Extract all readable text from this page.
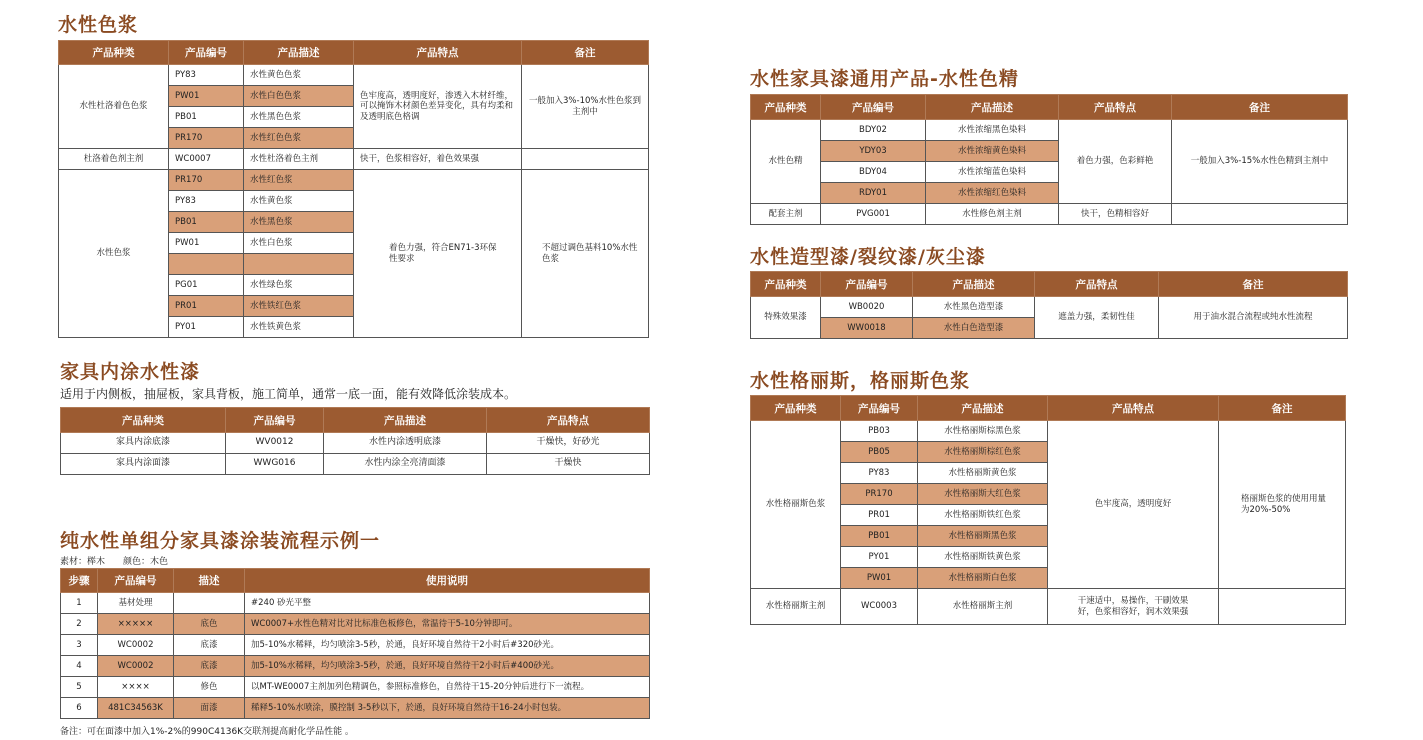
水性色浆
产品种类	产品编号	产品描述	产品特点	备注
水性杜洛着色色浆	PY83	水性黄色色浆	色牢度高，透明度好，渗透入木材纤维，可以掩饰木材颜色差异变化，具有均柔和及透明底色格调	一般加入3%-10%水性色浆到主剂中
	PW01	水性白色色浆		
	PB01	水性黑色色浆		
	PR170	水性红色色浆		
杜洛着色剂主剂	WC0007	水性杜洛着色主剂	快干，色浆相容好，着色效果强	
水性色浆	PR170	水性红色浆	着色力强，符合EN71-3环保性要求	不超过调色基料10%水性色浆
	PY83	水性黄色浆		
	PB01	水性黑色浆		
	PW01	水性白色浆		

	PG01	水性绿色浆		
	PR01	水性铁红色浆		
	PY01	水性铁黄色浆		
家具内涂水性漆
适用于内侧板，抽屉板，家具背板，施工简单，通常一底一面，能有效降低涂装成本。
产品种类	产品编号	产品描述	产品特点
家具内涂底漆	WV0012	水性内涂透明底漆	干燥快，好砂光
家具内涂面漆	WWG016	水性内涂全亮清面漆	干燥快
纯水性单组分家具漆涂装流程示例一
素材：榉木　　颜色：木色
步骤	产品编号	描述	使用说明
1	基材处理		#240 砂光平整
2	×××××	底色	WC0007+水性色精对比对比标准色板修色，常温待干5-10分钟即可。
3	WC0002	底漆	加5-10%水稀释，均匀喷涂3-5秒，於通，良好环境自然待干2小时后#320砂光。
4	WC0002	底漆	加5-10%水稀释，均匀喷涂3-5秒，於通，良好环境自然待干2小时后#400砂光。
5	××××	修色	以MT-WE0007主剂加列色精调色，参照标准修色，自然待干15-20分钟后进行下一流程。
6	481C34563K	面漆	稀释5-10%水喷涂，膜控制 3-5秒以下，於通，良好环境自然待干16-24小时包装。
备注：可在面漆中加入1%-2%的990C4136K交联剂提高耐化学品性能 。
水性家具漆通用产品-水性色精
产品种类	产品编号	产品描述	产品特点	备注
水性色精	BDY02	水性浓缩黑色染料	着色力强，色彩鲜艳	一般加入3%-15%水性色精到主剂中
	YDY03	水性浓缩黄色染料		
	BDY04	水性浓缩蓝色染料		
	RDY01	水性浓缩红色染料		
配套主剂	PVG001	水性修色剂主剂	快干，色精相容好	
水性造型漆/裂纹漆/灰尘漆
产品种类	产品编号	产品描述	产品特点	备注
特殊效果漆	WB0020	水性黑色造型漆	遮盖力强，柔韧性佳	用于油水混合流程或纯水性流程
	WW0018	水性白色造型漆		
水性格丽斯，格丽斯色浆
产品种类	产品编号	产品描述	产品特点	备注
水性格丽斯色浆	PB03	水性格丽斯棕黑色浆	色牢度高，透明度好	格丽斯色浆的使用用量为20%-50%
	PB05	水性格丽斯棕红色浆		
	PY83	水性格丽斯黄色浆		
	PR170	水性格丽斯大红色浆		
	PR01	水性格丽斯铁红色浆		
	PB01	水性格丽斯黑色浆		
	PY01	水性格丽斯铁黄色浆		
	PW01	水性格丽斯白色浆		
水性格丽斯主剂	WC0003	水性格丽斯主剂	干速适中，易操作，干刷效果好，色浆相容好，润木效果强	
